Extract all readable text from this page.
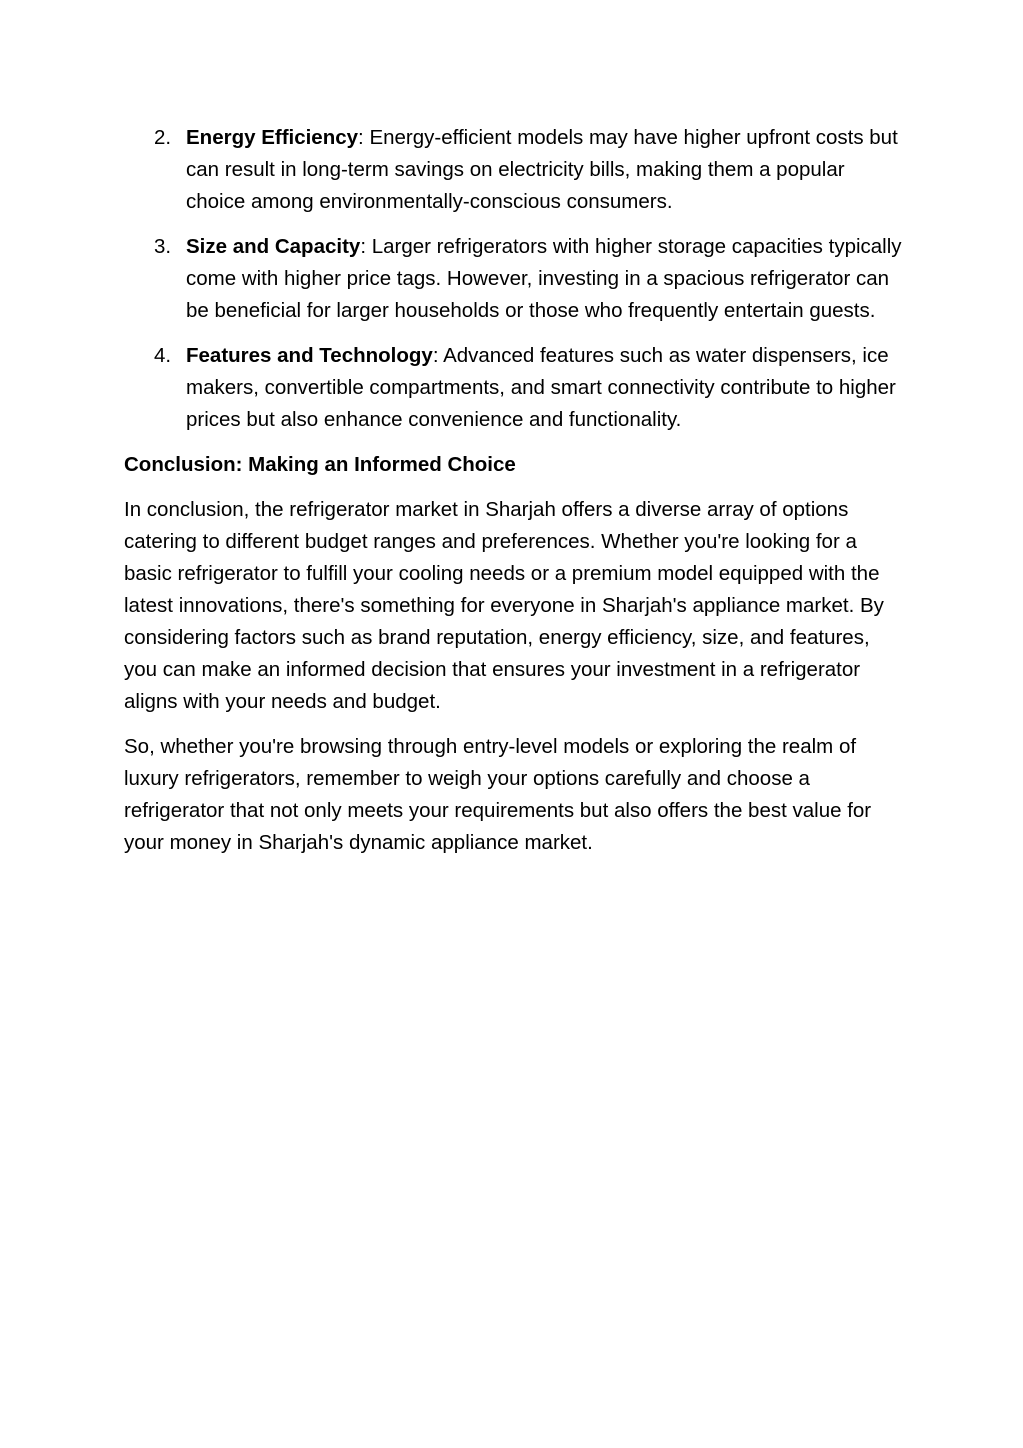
2. Energy Efficiency: Energy-efficient models may have higher upfront costs but can result in long-term savings on electricity bills, making them a popular choice among environmentally-conscious consumers.
3. Size and Capacity: Larger refrigerators with higher storage capacities typically come with higher price tags. However, investing in a spacious refrigerator can be beneficial for larger households or those who frequently entertain guests.
4. Features and Technology: Advanced features such as water dispensers, ice makers, convertible compartments, and smart connectivity contribute to higher prices but also enhance convenience and functionality.
Conclusion: Making an Informed Choice

In conclusion, the refrigerator market in Sharjah offers a diverse array of options catering to different budget ranges and preferences. Whether you're looking for a basic refrigerator to fulfill your cooling needs or a premium model equipped with the latest innovations, there's something for everyone in Sharjah's appliance market. By considering factors such as brand reputation, energy efficiency, size, and features, you can make an informed decision that ensures your investment in a refrigerator aligns with your needs and budget.

So, whether you're browsing through entry-level models or exploring the realm of luxury refrigerators, remember to weigh your options carefully and choose a refrigerator that not only meets your requirements but also offers the best value for your money in Sharjah's dynamic appliance market.
